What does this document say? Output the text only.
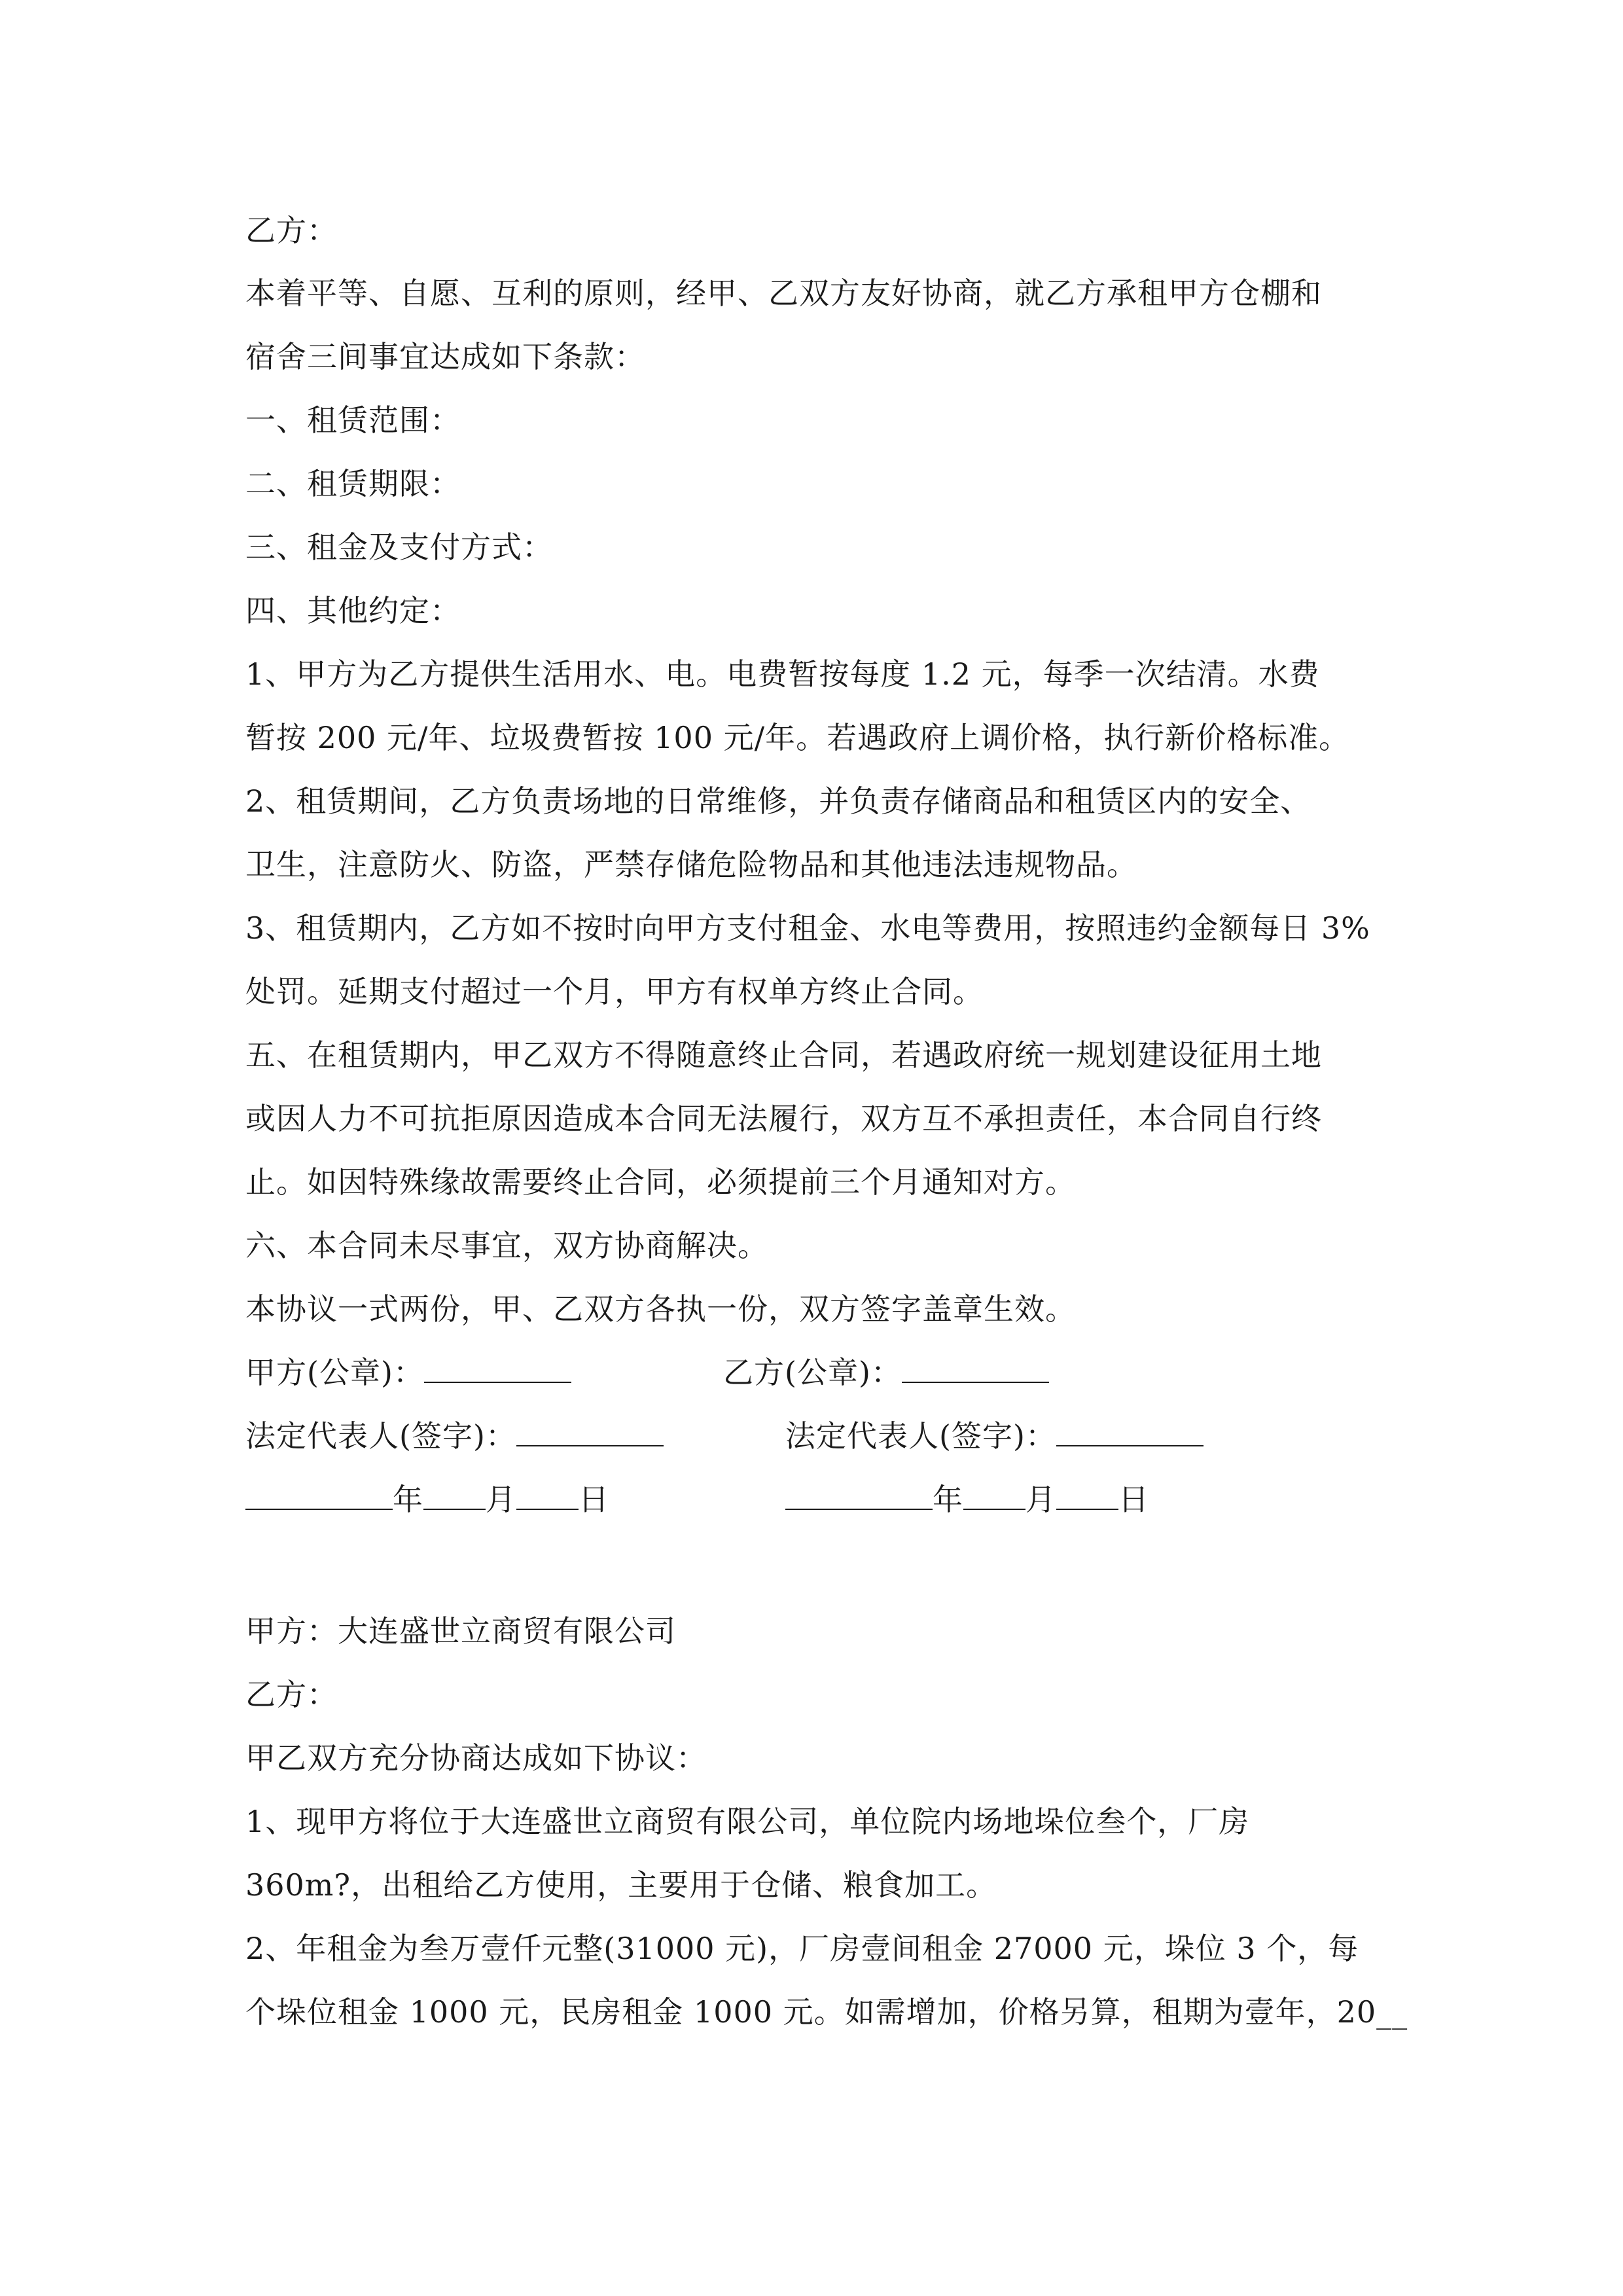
乙方：
本着平等、自愿、互利的原则，经甲、乙双方友好协商，就乙方承租甲方仓棚和
宿舍三间事宜达成如下条款：
一、租赁范围：
二、租赁期限：
三、租金及支付方式：
四、其他约定：
1、甲方为乙方提供生活用水、电。电费暂按每度 1.2 元，每季一次结清。水费
暂按 200 元/年、垃圾费暂按 100 元/年。若遇政府上调价格，执行新价格标准。
2、租赁期间，乙方负责场地的日常维修，并负责存储商品和租赁区内的安全、
卫生，注意防火、防盗，严禁存储危险物品和其他违法违规物品。
3、租赁期内，乙方如不按时向甲方支付租金、水电等费用，按照违约金额每日 3%
处罚。延期支付超过一个月，甲方有权单方终止合同。
五、在租赁期内，甲乙双方不得随意终止合同，若遇政府统一规划建设征用土地
或因人力不可抗拒原因造成本合同无法履行，双方互不承担责任，本合同自行终
止。如因特殊缘故需要终止合同，必须提前三个月通知对方。
六、本合同未尽事宜，双方协商解决。
本协议一式两份，甲、乙双方各执一份，双方签字盖章生效。
甲方(公章)：	乙方(公章)：
法定代表人(签字)：	法定代表人(签字)：
年 月 日	年 月 日
甲方：大连盛世立商贸有限公司
乙方：
甲乙双方充分协商达成如下协议：
1、现甲方将位于大连盛世立商贸有限公司，单位院内场地垛位叁个，厂房
360m?，出租给乙方使用，主要用于仓储、粮食加工。
2、年租金为叁万壹仟元整(31000 元)，厂房壹间租金 27000 元，垛位 3 个，每
个垛位租金 1000 元，民房租金 1000 元。如需增加，价格另算，租期为壹年，20__
